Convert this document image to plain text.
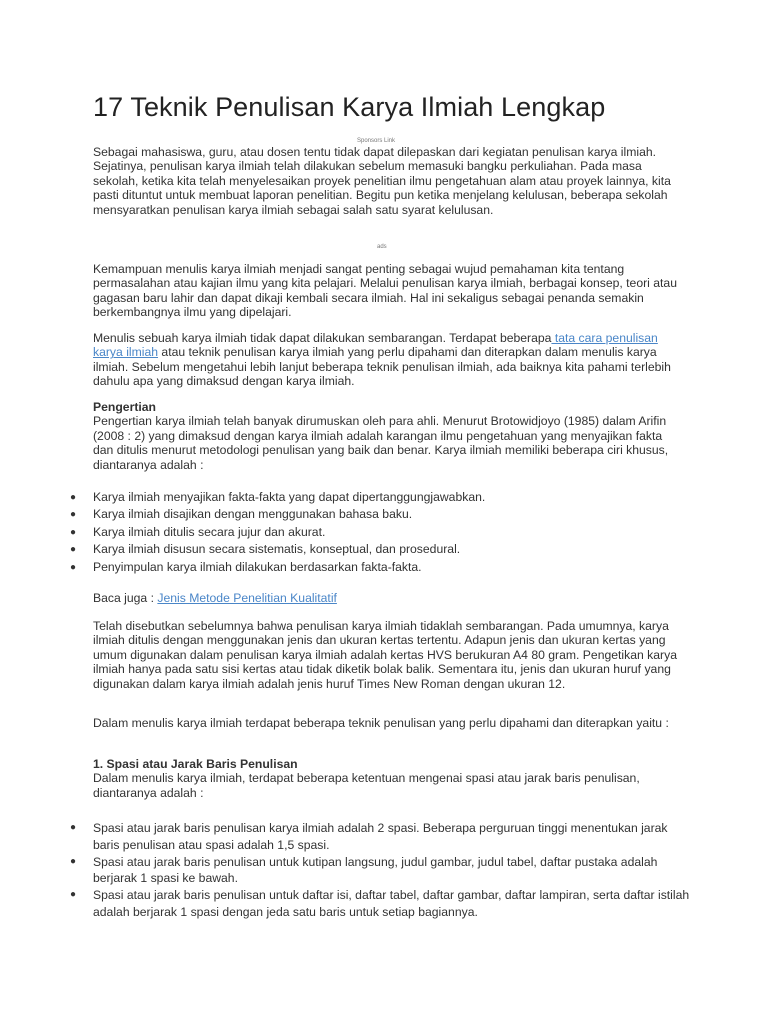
17 Teknik Penulisan Karya Ilmiah Lengkap
Sponsors Link

Sebagai mahasiswa, guru, atau dosen tentu tidak dapat dilepaskan dari kegiatan penulisan karya ilmiah. Sejatinya, penulisan karya ilmiah telah dilakukan sebelum memasuki bangku perkuliahan. Pada masa sekolah, ketika kita telah menyelesaikan proyek penelitian ilmu pengetahuan alam atau proyek lainnya, kita pasti dituntut untuk membuat laporan penelitian. Begitu pun ketika menjelang kelulusan, beberapa sekolah mensyaratkan penulisan karya ilmiah sebagai salah satu syarat kelulusan.

ads

Kemampuan menulis karya ilmiah menjadi sangat penting sebagai wujud pemahaman kita tentang permasalahan atau kajian ilmu yang kita pelajari. Melalui penulisan karya ilmiah, berbagai konsep, teori atau gagasan baru lahir dan dapat dikaji kembali secara ilmiah. Hal ini sekaligus sebagai penanda semakin berkembangnya ilmu yang dipelajari.

Menulis sebuah karya ilmiah tidak dapat dilakukan sembarangan. Terdapat beberapa tata cara penulisan karya ilmiah atau teknik penulisan karya ilmiah yang perlu dipahami dan diterapkan dalam menulis karya ilmiah. Sebelum mengetahui lebih lanjut beberapa teknik penulisan ilmiah, ada baiknya kita pahami terlebih dahulu apa yang dimaksud dengan karya ilmiah.

Pengertian
Pengertian karya ilmiah telah banyak dirumuskan oleh para ahli. Menurut Brotowidjoyo (1985) dalam Arifin (2008 : 2) yang dimaksud dengan karya ilmiah adalah karangan ilmu pengetahuan yang menyajikan fakta dan ditulis menurut metodologi penulisan yang baik dan benar. Karya ilmiah memiliki beberapa ciri khusus, diantaranya adalah :
● Karya ilmiah menyajikan fakta-fakta yang dapat dipertanggungjawabkan.
● Karya ilmiah disajikan dengan menggunakan bahasa baku.
● Karya ilmiah ditulis secara jujur dan akurat.
● Karya ilmiah disusun secara sistematis, konseptual, dan prosedural.
● Penyimpulan karya ilmiah dilakukan berdasarkan fakta-fakta.

Baca juga : Jenis Metode Penelitian Kualitatif

Telah disebutkan sebelumnya bahwa penulisan karya ilmiah tidaklah sembarangan. Pada umumnya, karya ilmiah ditulis dengan menggunakan jenis dan ukuran kertas tertentu. Adapun jenis dan ukuran kertas yang umum digunakan dalam penulisan karya ilmiah adalah kertas HVS berukuran A4 80 gram. Pengetikan karya ilmiah hanya pada satu sisi kertas atau tidak diketik bolak balik. Sementara itu, jenis dan ukuran huruf yang digunakan dalam karya ilmiah adalah jenis huruf Times New Roman dengan ukuran 12.

Dalam menulis karya ilmiah terdapat beberapa teknik penulisan yang perlu dipahami dan diterapkan yaitu :

1. Spasi atau Jarak Baris Penulisan
Dalam menulis karya ilmiah, terdapat beberapa ketentuan mengenai spasi atau jarak baris penulisan, diantaranya adalah :
● Spasi atau jarak baris penulisan karya ilmiah adalah 2 spasi. Beberapa perguruan tinggi menentukan jarak baris penulisan atau spasi adalah 1,5 spasi.
● Spasi atau jarak baris penulisan untuk kutipan langsung, judul gambar, judul tabel, daftar pustaka adalah berjarak 1 spasi ke bawah.
● Spasi atau jarak baris penulisan untuk daftar isi, daftar tabel, daftar gambar, daftar lampiran, serta daftar istilah adalah berjarak 1 spasi dengan jeda satu baris untuk setiap bagiannya.
